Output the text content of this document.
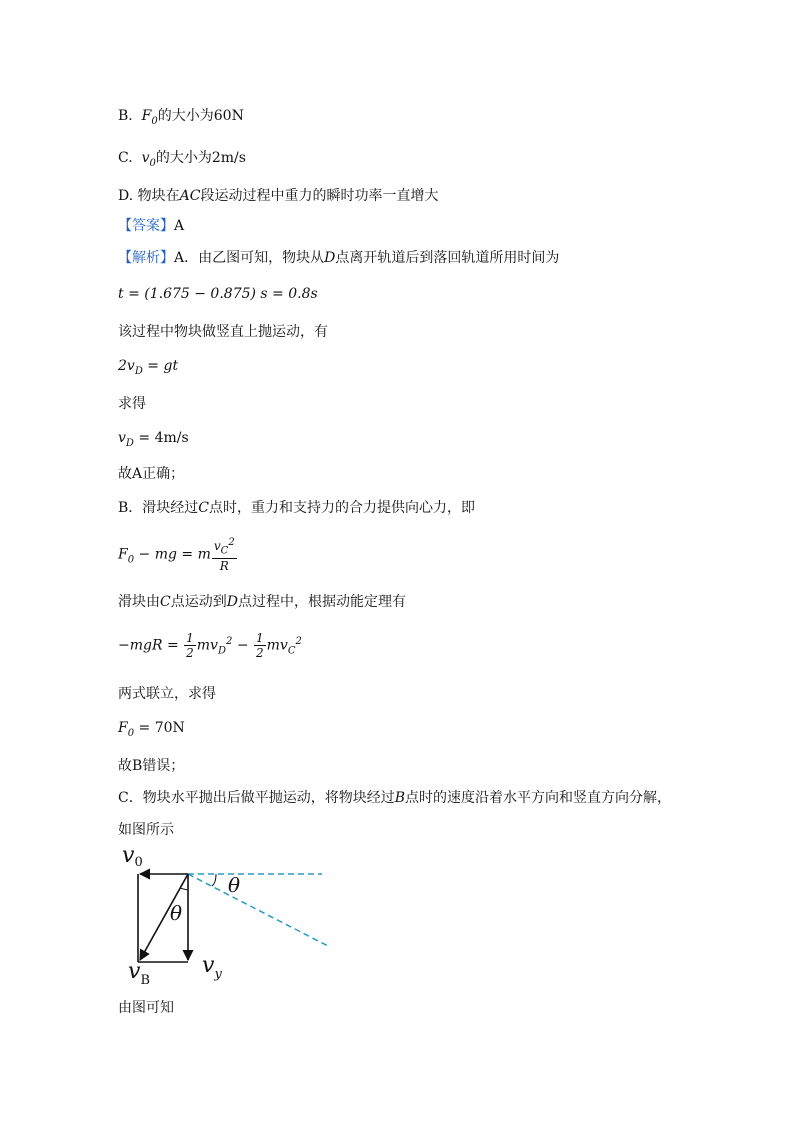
B.  $F_0$的大小为60N
C.  $v_0$的大小为2m/s
D. 物块在AC段运动过程中重力的瞬时功率一直增大
【答案】A
【解析】A．由乙图可知，物块从D点离开轨道后到落回轨道所用时间为
t = (1.675 − 0.875) s = 0.8s
该过程中物块做竖直上抛运动，有
$2v_D$ = gt
求得
$v_D = 4m/s$
故A正确；
B．滑块经过C点时，重力和支持力的合力提供向心力，即
$F_0$ − mg = m $\frac{v_C^2}{R}$
滑块由C点运动到D点过程中，根据动能定理有
$-mgR = \frac{1}{2} mv_D^2 - \frac{1}{2} mv_C^2$
两式联立，求得
$F_0 = 70N$
故B错误；
C．物块水平抛出后做平抛运动，将物块经过B点时的速度沿着水平方向和竖直方向分解，
如图所示
v0
θ
θ
$v_B$
$v_y$
由图可知
